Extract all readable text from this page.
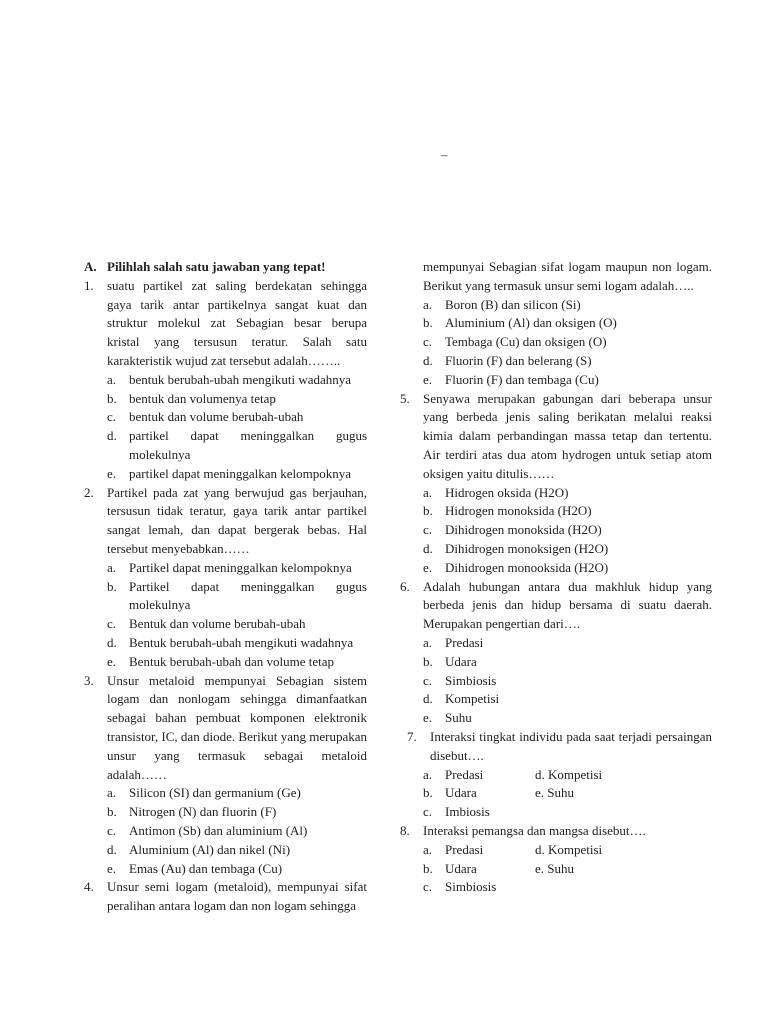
–
A. Pilihlah salah satu jawaban yang tepat!
1.	suatu partikel zat saling berdekatan sehingga gaya tarik antar partikelnya sangat kuat dan struktur molekul zat Sebagian besar berupa kristal yang tersusun teratur. Salah satu karakteristik wujud zat tersebut adalah……..
a. bentuk berubah-ubah mengikuti wadahnya
b. bentuk dan volumenya tetap
c. bentuk dan volume berubah-ubah
d. partikel dapat meninggalkan gugus molekulnya
e. partikel dapat meninggalkan kelompoknya
2.	Partikel pada zat yang berwujud gas berjauhan, tersusun tidak teratur, gaya tarik antar partikel sangat lemah, dan dapat bergerak bebas. Hal tersebut menyebabkan……
a. Partikel dapat meninggalkan kelompoknya
b. Partikel dapat meninggalkan gugus molekulnya
c. Bentuk dan volume berubah-ubah
d. Bentuk berubah-ubah mengikuti wadahnya
e. Bentuk berubah-ubah dan volume tetap
3.	Unsur metaloid mempunyai Sebagian sistem logam dan nonlogam sehingga dimanfaatkan sebagai bahan pembuat komponen elektronik transistor, IC, dan diode. Berikut yang merupakan unsur yang termasuk sebagai metaloid adalah……
a. Silicon (SI) dan germanium (Ge)
b. Nitrogen (N) dan fluorin (F)
c. Antimon (Sb) dan aluminium (Al)
d. Aluminium (Al) dan nikel (Ni)
e. Emas (Au) dan tembaga (Cu)
4.	Unsur semi logam (metaloid), mempunyai sifat peralihan antara logam dan non logam sehingga
mempunyai Sebagian sifat logam maupun non logam. Berikut yang termasuk unsur semi logam adalah…..
a. Boron (B) dan silicon (Si)
b. Aluminium (Al) dan oksigen (O)
c. Tembaga (Cu) dan oksigen (O)
d. Fluorin (F) dan belerang (S)
e. Fluorin (F) dan tembaga (Cu)
5.	Senyawa merupakan gabungan dari beberapa unsur yang berbeda jenis saling berikatan melalui reaksi kimia dalam perbandingan massa tetap dan tertentu. Air terdiri atas dua atom hydrogen untuk setiap atom oksigen yaitu ditulis……
a. Hidrogen oksida (H2O)
b. Hidrogen monoksida (H2O)
c. Dihidrogen monoksida (H2O)
d. Dihidrogen monoksigen (H2O)
e. Dihidrogen monooksida (H2O)
6.	Adalah hubungan antara dua makhluk hidup yang berbeda jenis dan hidup bersama di suatu daerah. Merupakan pengertian dari….
a. Predasi
b. Udara
c. Simbiosis
d. Kompetisi
e. Suhu
7.	Interaksi tingkat individu pada saat terjadi persaingan disebut….
a. Predasi	d. Kompetisi
b. Udara	e. Suhu
c. Imbiosis
8.	Interaksi pemangsa dan mangsa disebut….
a. Predasi	d. Kompetisi
b. Udara	e. Suhu
c. Simbiosis
